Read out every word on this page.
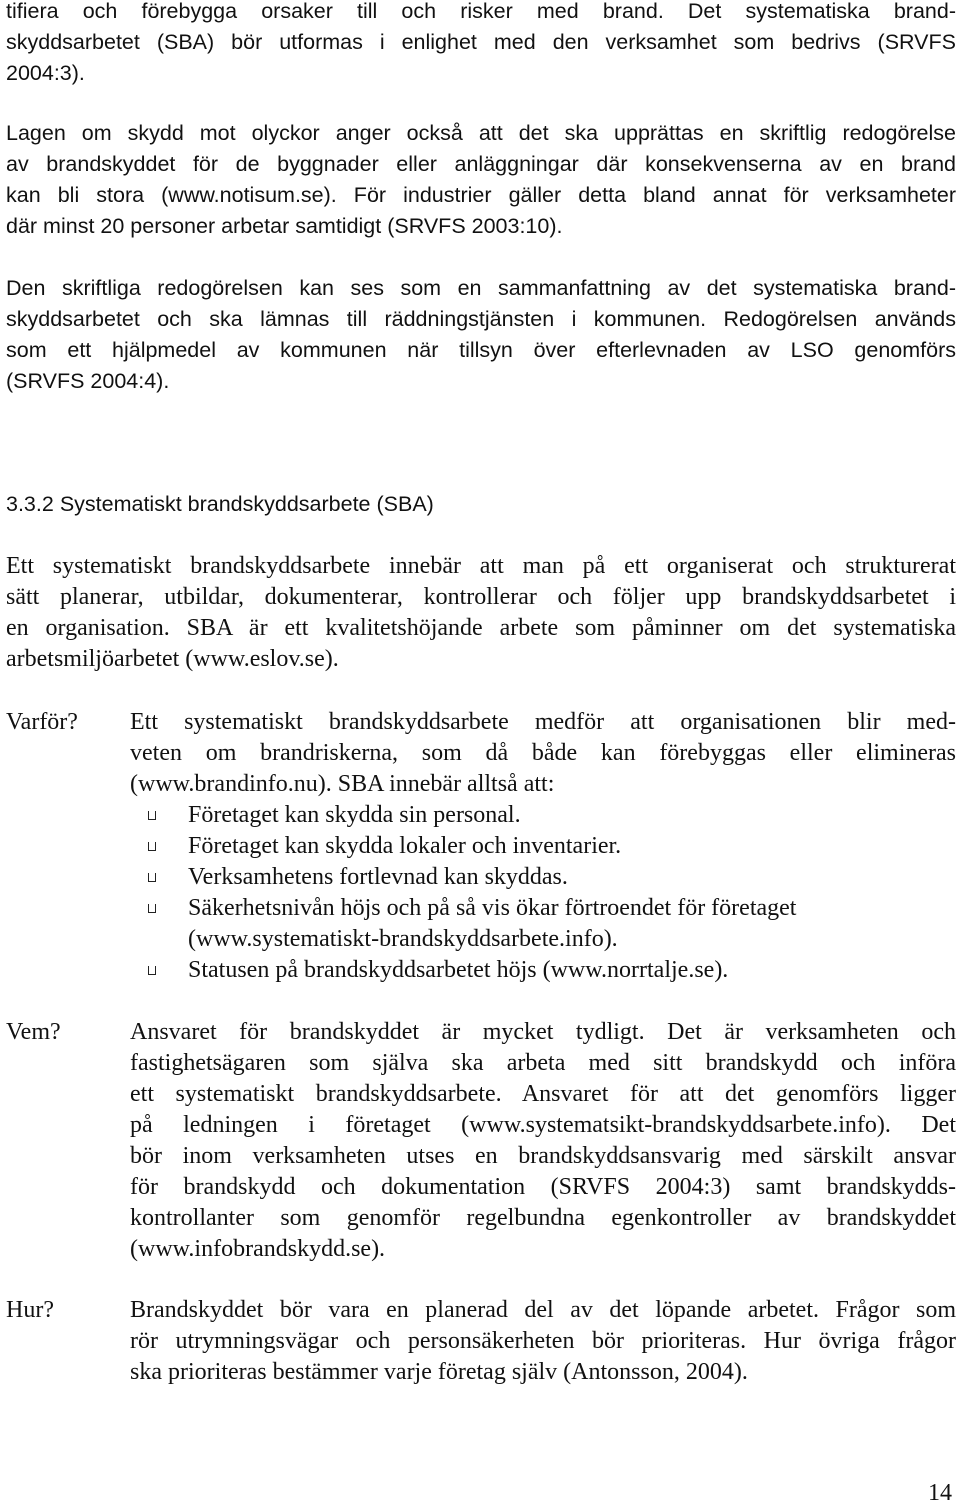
tifiera och förebygga orsaker till och risker med brand. Det systematiska brand-
skyddsarbetet (SBA) bör utformas i enlighet med den verksamhet som bedrivs (SRVFS
2004:3).
Lagen om skydd mot olyckor anger också att det ska upprättas en skriftlig redogörelse
av brandskyddet för de byggnader eller anläggningar där konsekvenserna av en brand
kan bli stora (www.notisum.se). För industrier gäller detta bland annat för verksamheter
där minst 20 personer arbetar samtidigt (SRVFS 2003:10).
Den skriftliga redogörelsen kan ses som en sammanfattning av det systematiska brand-
skyddsarbetet och ska lämnas till räddningstjänsten i kommunen. Redogörelsen används
som ett hjälpmedel av kommunen när tillsyn över efterlevnaden av LSO genomförs
(SRVFS 2004:4).
3.3.2 Systematiskt brandskyddsarbete (SBA)
Ett systematiskt brandskyddsarbete innebär att man på ett organiserat och strukturerat
sätt planerar, utbildar, dokumenterar, kontrollerar och följer upp brandskyddsarbetet i
en organisation. SBA är ett kvalitetshöjande arbete som påminner om det systematiska
arbetsmiljöarbetet (www.eslov.se).
Varför? Ett systematiskt brandskyddsarbete medför att organisationen blir med-
veten om brandriskerna, som då både kan förebyggas eller elimineras
(www.brandinfo.nu). SBA innebär alltså att:
Företaget kan skydda sin personal.
Företaget kan skydda lokaler och inventarier.
Verksamhetens fortlevnad kan skyddas.
Säkerhetsnivån höjs och på så vis ökar förtroendet för företaget (www.systematiskt-brandskyddsarbete.info).
Statusen på brandskyddsarbetet höjs (www.norrtalje.se).
Vem?	Ansvaret för brandskyddet är mycket tydligt. Det är verksamheten och
fastighetsägaren som själva ska arbeta med sitt brandskydd och införa
ett systematiskt brandskyddsarbete. Ansvaret för att det genomförs ligger
på ledningen i företaget (www.systematsikt-brandskyddsarbete.info). Det
bör inom verksamheten utses en brandskyddsansvarig med särskilt ansvar
för brandskydd och dokumentation (SRVFS 2004:3) samt brandskydds-
kontrollanter som genomför regelbundna egenkontroller av brandskyddet
(www.infobrandskydd.se).
Hur?	Brandskyddet bör vara en planerad del av det löpande arbetet. Frågor som
rör utrymningsvägar och personsäkerheten bör prioriteras. Hur övriga frågor
ska prioriteras bestämmer varje företag själv (Antonsson, 2004).
14
